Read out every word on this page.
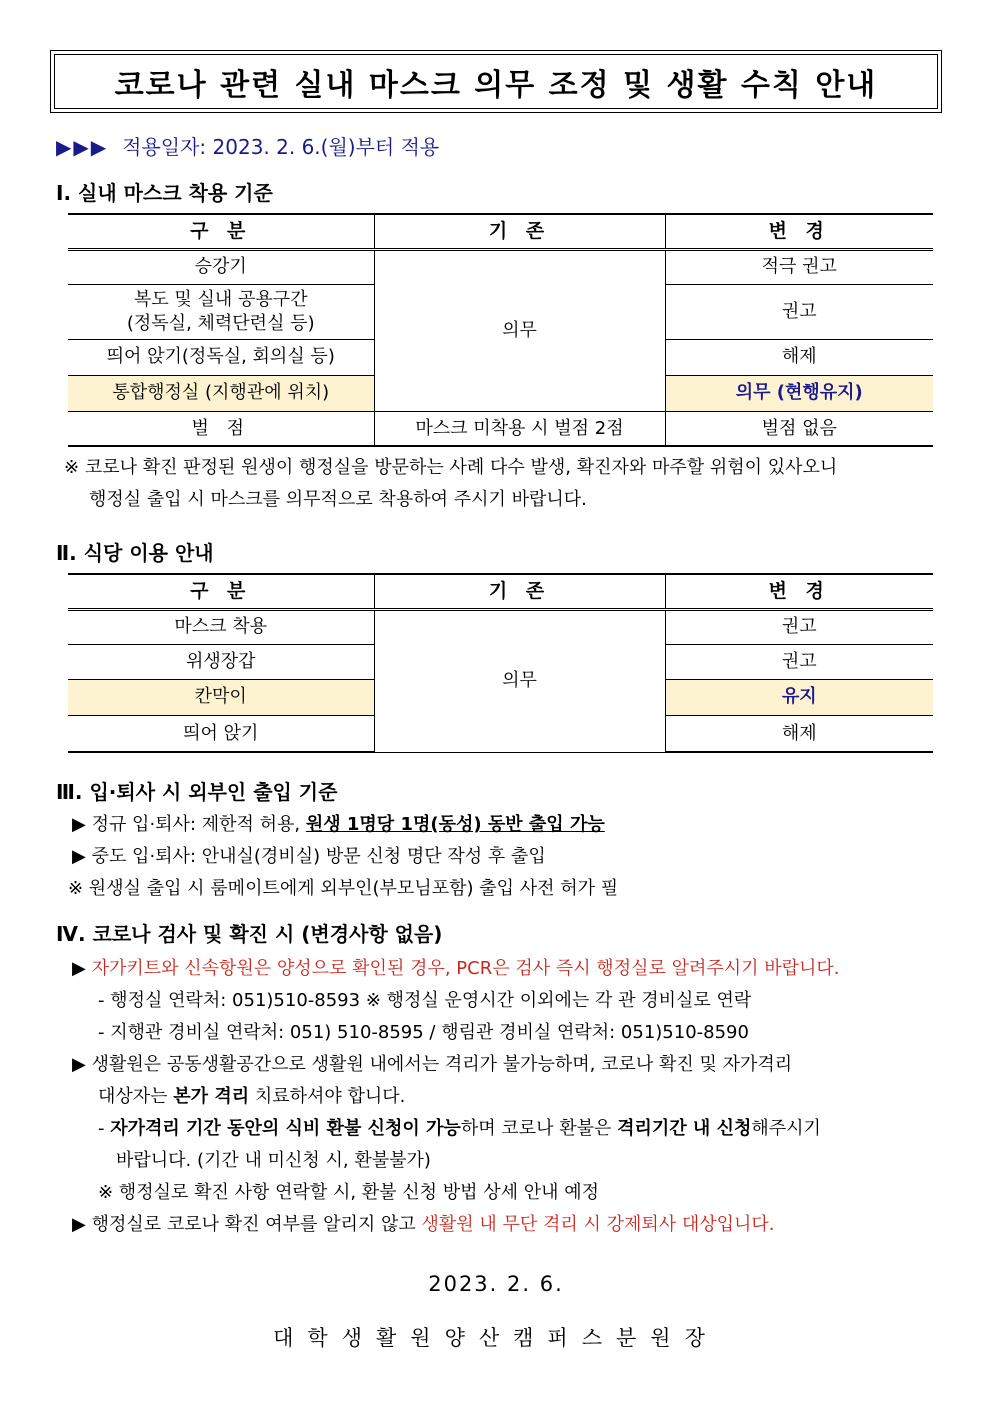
코로나 관련 실내 마스크 의무 조정 및 생활 수칙 안내
▶▶▶ 적용일자: 2023. 2. 6.(월)부터 적용
Ⅰ. 실내 마스크 착용 기준
구 분	기 존	변 경
승강기	의무	적극 권고

복도 및 실내 공용구간
(정독실, 체력단련실 등)		권고
띄어 앉기(정독실, 회의실 등)		해제
통합행정실 (지행관에 위치)		의무 (현행유지)
벌 점	마스크 미착용 시 벌점 2점	벌점 없음
※ 코로나 확진 판정된 원생이 행정실을 방문하는 사례 다수 발생, 확진자와 마주할 위험이 있사오니
행정실 출입 시 마스크를 의무적으로 착용하여 주시기 바랍니다.
Ⅱ. 식당 이용 안내
구 분	기 존	변 경
마스크 착용	의무	권고
위생장갑		권고
칸막이		유지
띄어 앉기		해제
Ⅲ. 입·퇴사 시 외부인 출입 기준
▶ 정규 입·퇴사: 제한적 허용, 원생 1명당 1명(동성) 동반 출입 가능
▶ 중도 입·퇴사: 안내실(경비실) 방문 신청 명단 작성 후 출입
※ 원생실 출입 시 룸메이트에게 외부인(부모님포함) 출입 사전 허가 필
Ⅳ. 코로나 검사 및 확진 시 (변경사항 없음)
▶ 자가키트와 신속항원은 양성으로 확인된 경우, PCR은 검사 즉시 행정실로 알려주시기 바랍니다.
- 행정실 연락처: 051)510-8593 ※ 행정실 운영시간 이외에는 각 관 경비실로 연락
- 지행관 경비실 연락처: 051) 510-8595 / 행림관 경비실 연락처: 051)510-8590
▶ 생활원은 공동생활공간으로 생활원 내에서는 격리가 불가능하며, 코로나 확진 및 자가격리
대상자는 본가 격리 치료하셔야 합니다.
- 자가격리 기간 동안의 식비 환불 신청이 가능하며 코로나 환불은 격리기간 내 신청해주시기
바랍니다. (기간 내 미신청 시, 환불불가)
※ 행정실로 확진 사항 연락할 시, 환불 신청 방법 상세 안내 예정
▶ 행정실로 코로나 확진 여부를 알리지 않고 생활원 내 무단 격리 시 강제퇴사 대상입니다.
2023. 2. 6.
대학생활원양산캠퍼스분원장
